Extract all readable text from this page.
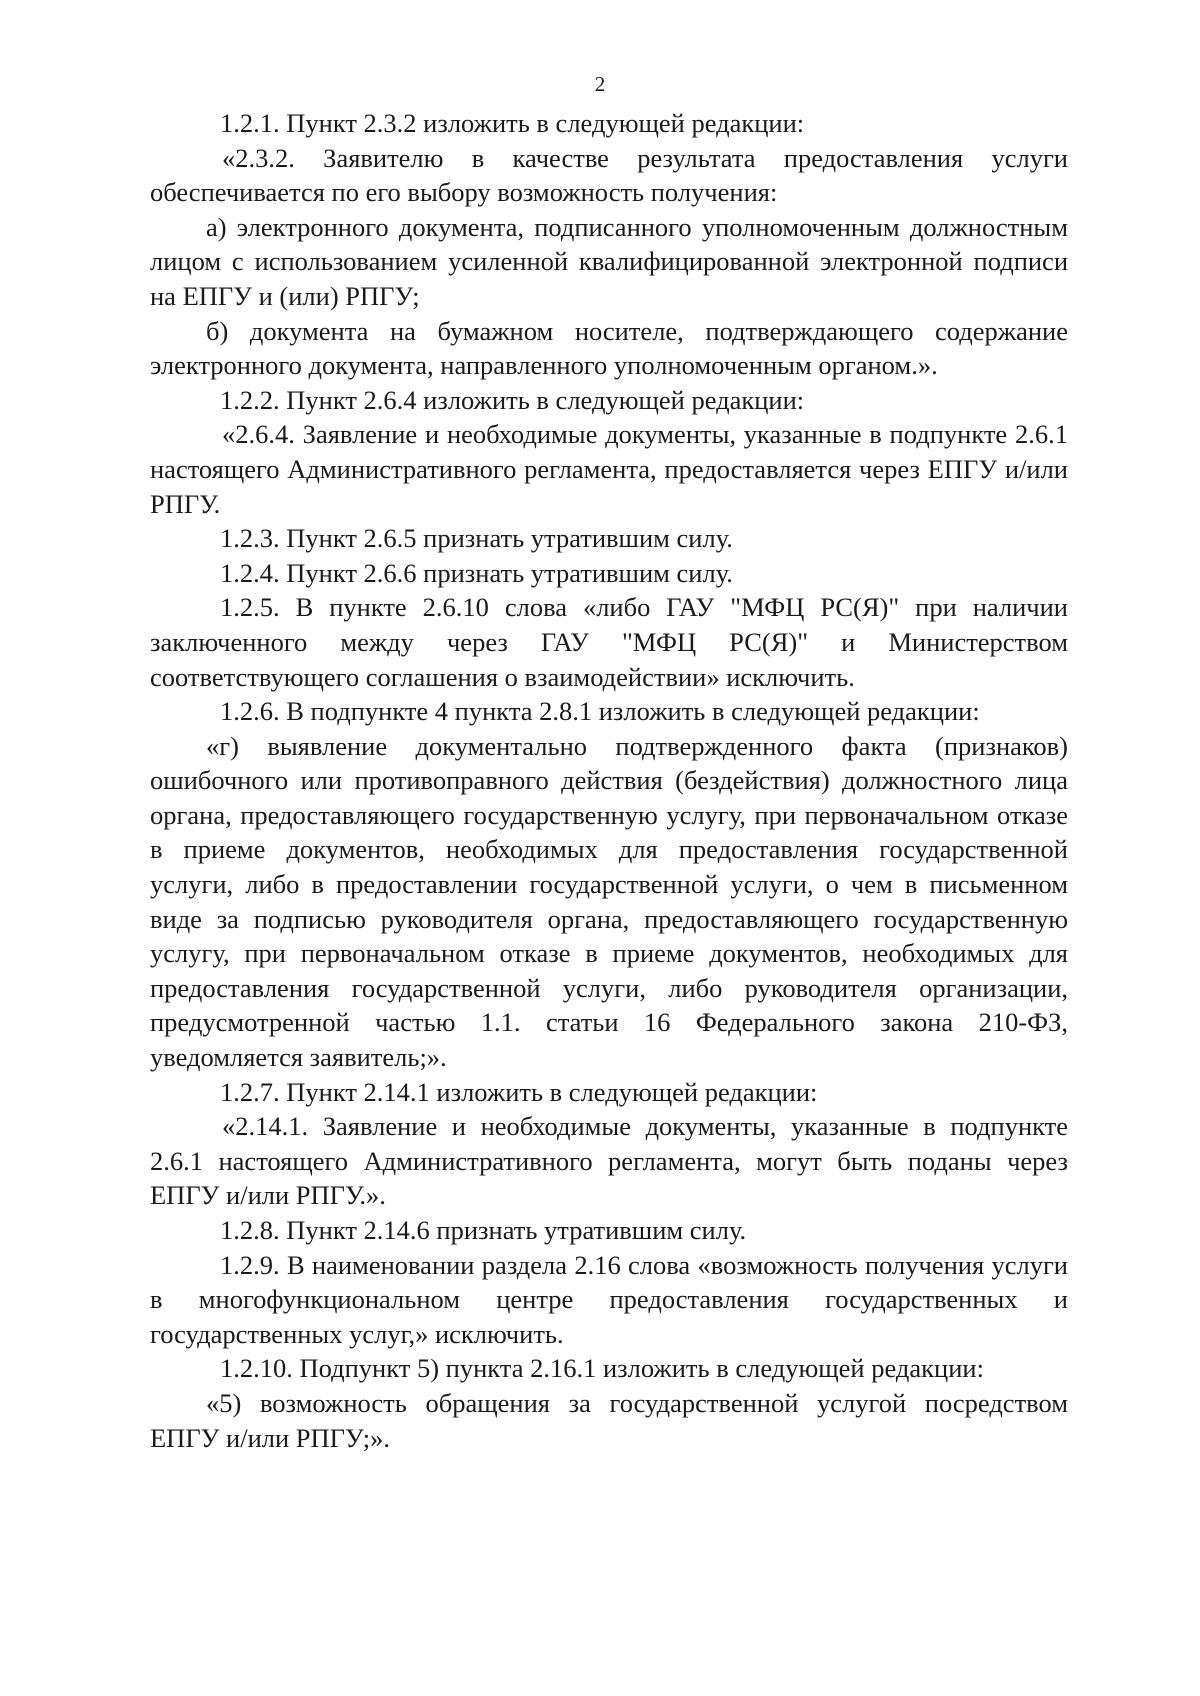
2

1.2.1. Пункт 2.3.2 изложить в следующей редакции:

«2.3.2. Заявителю в качестве результата предоставления услуги обеспечивается по его выбору возможность получения:

а) электронного документа, подписанного уполномоченным должностным лицом с использованием усиленной квалифицированной электронной подписи на ЕПГУ и (или) РПГУ;

б) документа на бумажном носителе, подтверждающего содержание электронного документа, направленного уполномоченным органом.».

1.2.2. Пункт 2.6.4 изложить в следующей редакции:

«2.6.4. Заявление и необходимые документы, указанные в подпункте 2.6.1 настоящего Административного регламента, предоставляется через ЕПГУ и/или РПГУ.

1.2.3. Пункт 2.6.5 признать утратившим силу.

1.2.4. Пункт 2.6.6 признать утратившим силу.

1.2.5. В пункте 2.6.10 слова «либо ГАУ "МФЦ РС(Я)" при наличии заключенного между через ГАУ "МФЦ РС(Я)" и Министерством соответствующего соглашения о взаимодействии» исключить.

1.2.6. В подпункте 4 пункта 2.8.1 изложить в следующей редакции:

«г) выявление документально подтвержденного факта (признаков) ошибочного или противоправного действия (бездействия) должностного лица органа, предоставляющего государственную услугу, при первоначальном отказе в приеме документов, необходимых для предоставления государственной услуги, либо в предоставлении государственной услуги, о чем в письменном виде за подписью руководителя органа, предоставляющего государственную услугу, при первоначальном отказе в приеме документов, необходимых для предоставления государственной услуги, либо руководителя организации, предусмотренной частью 1.1. статьи 16 Федерального закона 210-ФЗ, уведомляется заявитель;».

1.2.7. Пункт 2.14.1 изложить в следующей редакции:

«2.14.1. Заявление и необходимые документы, указанные в подпункте 2.6.1 настоящего Административного регламента, могут быть поданы через ЕПГУ и/или РПГУ.».

1.2.8. Пункт 2.14.6 признать утратившим силу.

1.2.9. В наименовании раздела 2.16 слова «возможность получения услуги в многофункциональном центре предоставления государственных и государственных услуг,» исключить.

1.2.10. Подпункт 5) пункта 2.16.1 изложить в следующей редакции:

«5) возможность обращения за государственной услугой посредством ЕПГУ и/или РПГУ;».
